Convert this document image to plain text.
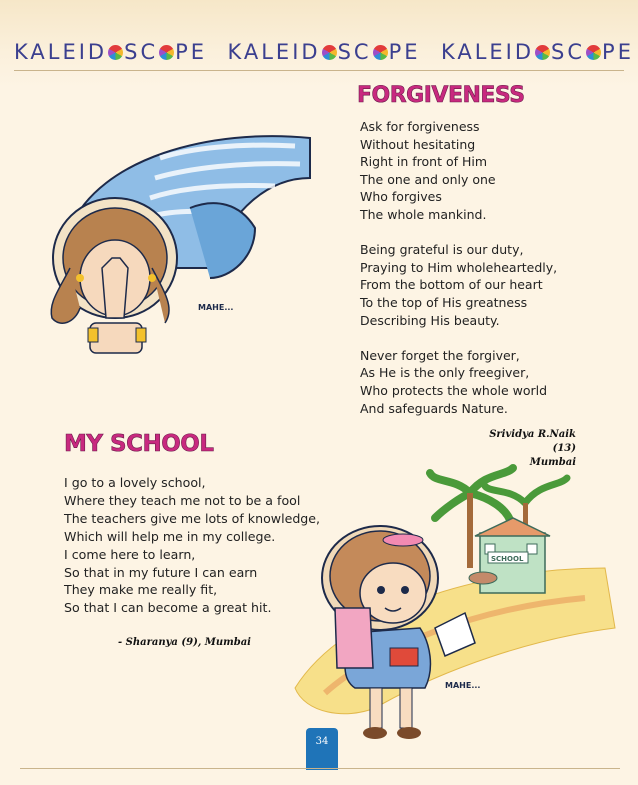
KALEID SC PE KALEID SC PE KALEID SC PE
MAHE...
FORGIVENESS
Ask for forgiveness
Without hesitating
Right in front of Him
The one and only one
Who forgives
The whole mankind.
Being grateful is our duty,
Praying to Him wholeheartedly,
From the bottom of our heart
To the top of His greatness
Describing His beauty.
Never forget the forgiver,
As He is the only freegiver,
Who protects the whole world
And safeguards Nature.
Srividya R.Naik (13)
Mumbai
MY SCHOOL
I go to a lovely school,
Where they teach me not to be a fool
The teachers give me lots of knowledge,
Which will help me in my college.
I come here to learn,
So that in my future I can earn
They make me really fit,
So that I can become a great hit.
- Sharanya (9), Mumbai
SCHOOL
MAHE...
34
